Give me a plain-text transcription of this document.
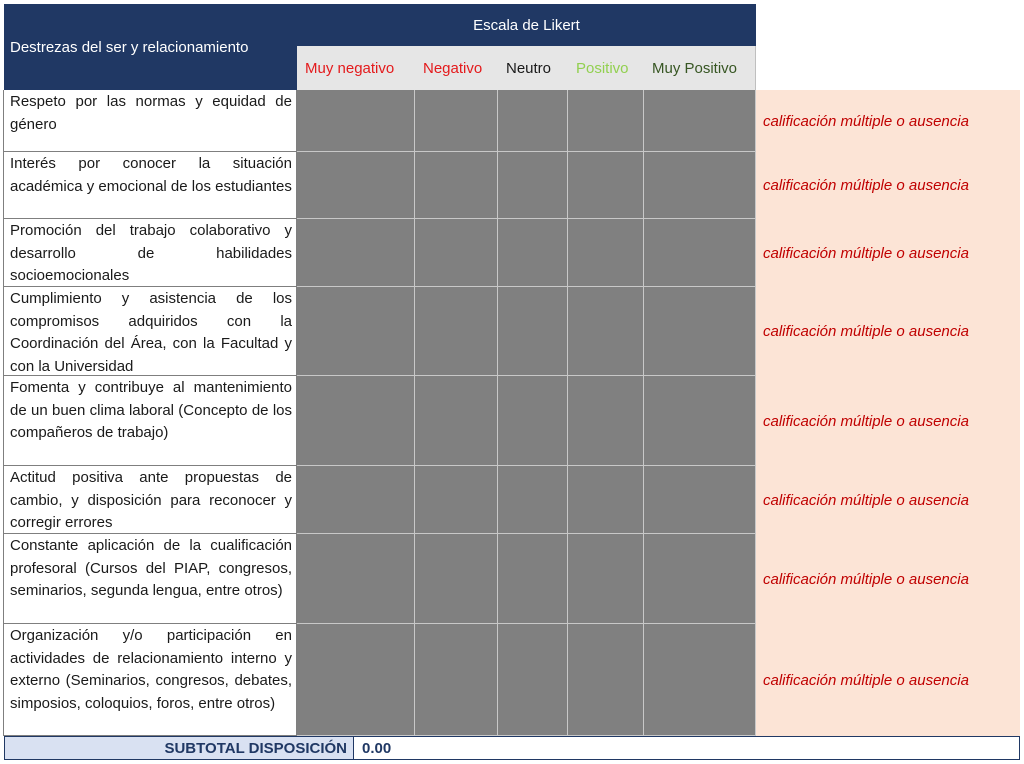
Destrezas del ser y relacionamiento
Escala de Likert
Muy negativo Negativo Neutro Positivo Muy Positivo
Respeto por las normas y equidad de género	calificación múltiple o ausencia
Interés por conocer la situación académica y emocional de los estudiantes	calificación múltiple o ausencia
Promoción del trabajo colaborativo y desarrollo de habilidades socioemocionales
calificación múltiple o ausencia
Cumplimiento y asistencia de los compromisos adquiridos con la Coordinación del Área, con la Facultad y con la Universidad
calificación múltiple o ausencia
Fomenta y contribuye al mantenimiento de un buen clima laboral (Concepto de los compañeros de trabajo)
calificación múltiple o ausencia
Actitud positiva ante propuestas de cambio, y disposición para reconocer y corregir errores
calificación múltiple o ausencia
Constante aplicación de la cualificación profesoral (Cursos del PIAP, congresos, seminarios, segunda lengua, entre otros)
calificación múltiple o ausencia
Organización y/o participación en actividades de relacionamiento interno y externo (Seminarios, congresos, debates, simposios, coloquios, foros, entre otros)
calificación múltiple o ausencia
SUBTOTAL DISPOSICIÓN 0.00
